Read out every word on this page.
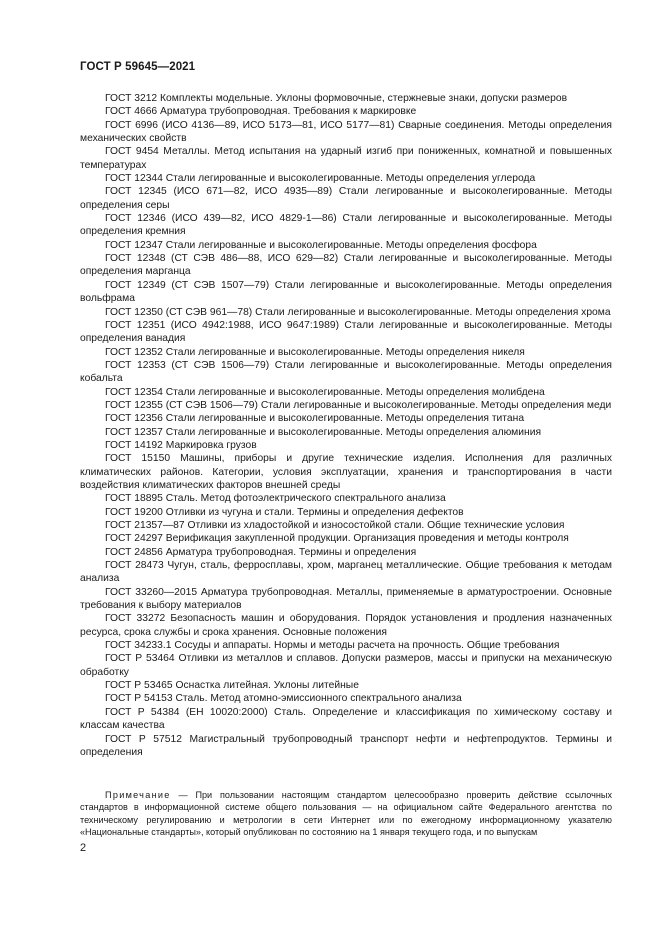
ГОСТ Р 59645—2021

ГОСТ 3212 Комплекты модельные. Уклоны формовочные, стержневые знаки, допуски размеров

ГОСТ 4666 Арматура трубопроводная. Требования к маркировке

ГОСТ 6996 (ИСО 4136—89, ИСО 5173—81, ИСО 5177—81) Сварные соединения. Методы определения механических свойств

ГОСТ 9454 Металлы. Метод испытания на ударный изгиб при пониженных, комнатной и повышенных температурах

ГОСТ 12344 Стали легированные и высоколегированные. Методы определения углерода

ГОСТ 12345 (ИСО 671—82, ИСО 4935—89) Стали легированные и высоколегированные. Методы определения серы

ГОСТ 12346 (ИСО 439—82, ИСО 4829-1—86) Стали легированные и высоколегированные. Методы определения кремния

ГОСТ 12347 Стали легированные и высоколегированные. Методы определения фосфора

ГОСТ 12348 (СТ СЭВ 486—88, ИСО 629—82) Стали легированные и высоколегированные. Методы определения марганца

ГОСТ 12349 (СТ СЭВ 1507—79) Стали легированные и высоколегированные. Методы определения вольфрама

ГОСТ 12350 (СТ СЭВ 961—78) Стали легированные и высоколегированные. Методы определения хрома

ГОСТ 12351 (ИСО 4942:1988, ИСО 9647:1989) Стали легированные и высоколегированные. Методы определения ванадия

ГОСТ 12352 Стали легированные и высоколегированные. Методы определения никеля

ГОСТ 12353 (СТ СЭВ 1506—79) Стали легированные и высоколегированные. Методы определения кобальта

ГОСТ 12354 Стали легированные и высоколегированные. Методы определения молибдена

ГОСТ 12355 (СТ СЭВ 1506—79) Стали легированные и высоколегированные. Методы определения меди

ГОСТ 12356 Стали легированные и высоколегированные. Методы определения титана

ГОСТ 12357 Стали легированные и высоколегированные. Методы определения алюминия

ГОСТ 14192 Маркировка грузов

ГОСТ 15150 Машины, приборы и другие технические изделия. Исполнения для различных климатических районов. Категории, условия эксплуатации, хранения и транспортирования в части воздействия климатических факторов внешней среды

ГОСТ 18895 Сталь. Метод фотоэлектрического спектрального анализа

ГОСТ 19200 Отливки из чугуна и стали. Термины и определения дефектов

ГОСТ 21357—87 Отливки из хладостойкой и износостойкой стали. Общие технические условия

ГОСТ 24297 Верификация закупленной продукции. Организация проведения и методы контроля

ГОСТ 24856 Арматура трубопроводная. Термины и определения

ГОСТ 28473 Чугун, сталь, ферросплавы, хром, марганец металлические. Общие требования к методам анализа

ГОСТ 33260—2015 Арматура трубопроводная. Металлы, применяемые в арматуростроении. Основные требования к выбору материалов

ГОСТ 33272 Безопасность машин и оборудования. Порядок установления и продления назначенных ресурса, срока службы и срока хранения. Основные положения

ГОСТ 34233.1 Сосуды и аппараты. Нормы и методы расчета на прочность. Общие требования

ГОСТ Р 53464 Отливки из металлов и сплавов. Допуски размеров, массы и припуски на механическую обработку

ГОСТ Р 53465 Оснастка литейная. Уклоны литейные

ГОСТ Р 54153 Сталь. Метод атомно-эмиссионного спектрального анализа

ГОСТ Р 54384 (ЕН 10020:2000) Сталь. Определение и классификация по химическому составу и классам качества

ГОСТ Р 57512 Магистральный трубопроводный транспорт нефти и нефтепродуктов. Термины и определения

Примечание — При пользовании настоящим стандартом целесообразно проверить действие ссылочных стандартов в информационной системе общего пользования — на официальном сайте Федерального агентства по техническому регулированию и метрологии в сети Интернет или по ежегодному информационному указателю «Национальные стандарты», который опубликован по состоянию на 1 января текущего года, и по выпускам

2
